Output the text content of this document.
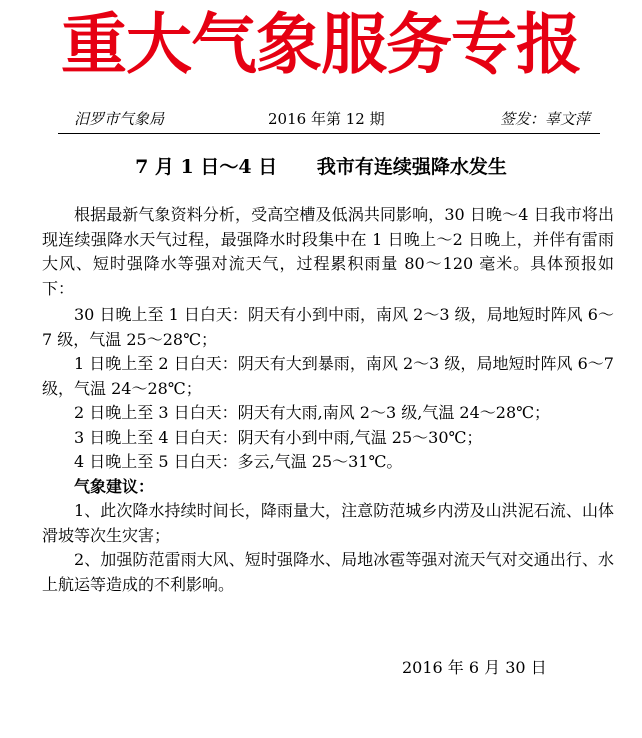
重大气象服务专报
汨罗市气象局	2016 年第 12 期	签发：辜文萍
7 月 1 日～4 日      我市有连续强降水发生

根据最新气象资料分析，受高空槽及低涡共同影响，30 日晚～4 日我市将出现连续强降水天气过程，最强降水时段集中在 1 日晚上～2 日晚上，并伴有雷雨大风、短时强降水等强对流天气，过程累积雨量 80～120 毫米。具体预报如下：

30 日晚上至 1 日白天：阴天有小到中雨，南风 2～3 级，局地短时阵风 6～7 级，气温 25～28℃；

1 日晚上至 2 日白天：阴天有大到暴雨，南风 2～3 级，局地短时阵风 6～7 级，气温 24～28℃；

2 日晚上至 3 日白天：阴天有大雨,南风 2～3 级,气温 24～28℃；

3 日晚上至 4 日白天：阴天有小到中雨,气温 25～30℃；

4 日晚上至 5 日白天：多云,气温 25～31℃。

气象建议：

1、此次降水持续时间长，降雨量大，注意防范城乡内涝及山洪泥石流、山体滑坡等次生灾害；

2、加强防范雷雨大风、短时强降水、局地冰雹等强对流天气对交通出行、水上航运等造成的不利影响。

2016 年 6 月 30 日
